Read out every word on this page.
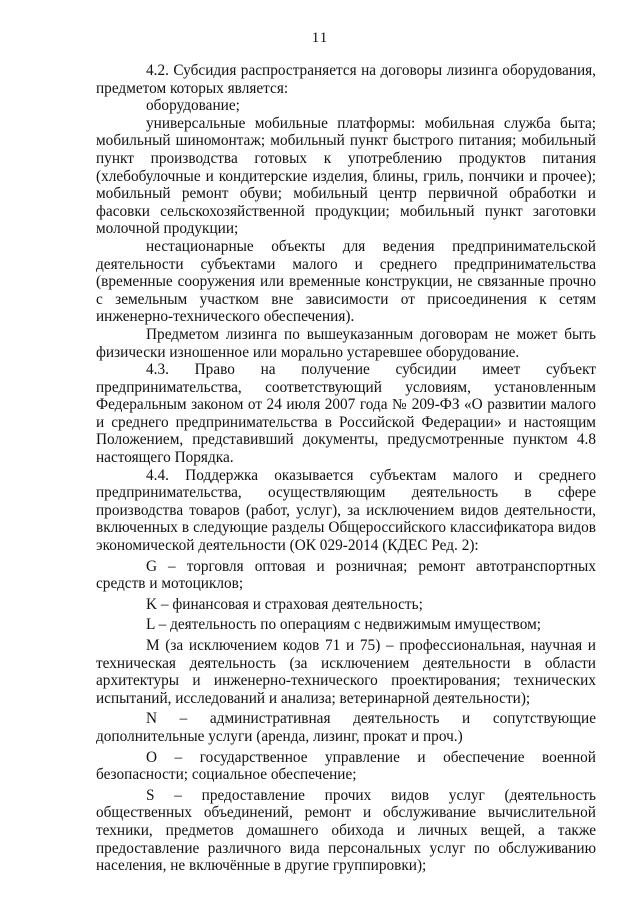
11

4.2. Субсидия распространяется на договоры лизинга оборудования, предметом которых является:

оборудование;

универсальные мобильные платформы: мобильная служба быта; мобильный шиномонтаж; мобильный пункт быстрого питания; мобильный пункт производства готовых к употреблению продуктов питания (хлебобулочные и кондитерские изделия, блины, гриль, пончики и прочее); мобильный ремонт обуви; мобильный центр первичной обработки и фасовки сельскохозяйственной продукции; мобильный пункт заготовки молочной продукции;

нестационарные объекты для ведения предпринимательской деятельности субъектами малого и среднего предпринимательства (временные сооружения или временные конструкции, не связанные прочно с земельным участком вне зависимости от присоединения к сетям инженерно-технического обеспечения).

Предметом лизинга по вышеуказанным договорам не может быть физически изношенное или морально устаревшее оборудование.

4.3. Право на получение субсидии имеет субъект предпринимательства, соответствующий условиям, установленным Федеральным законом от 24 июля 2007 года № 209-ФЗ «О развитии малого и среднего предпринимательства в Российской Федерации» и настоящим Положением, представивший документы, предусмотренные пунктом 4.8 настоящего Порядка.

4.4. Поддержка оказывается субъектам малого и среднего предпринимательства, осуществляющим деятельность в сфере производства товаров (работ, услуг), за исключением видов деятельности, включенных в следующие разделы Общероссийского классификатора видов экономической деятельности (ОК 029-2014 (КДЕС Ред. 2):

G – торговля оптовая и розничная; ремонт автотранспортных средств и мотоциклов;

K – финансовая и страховая деятельность;

L – деятельность по операциям с недвижимым имуществом;

M (за исключением кодов 71 и 75) – профессиональная, научная и техническая деятельность (за исключением деятельности в области архитектуры и инженерно-технического проектирования; технических испытаний, исследований и анализа; ветеринарной деятельности);

N – административная деятельность и сопутствующие дополнительные услуги (аренда, лизинг, прокат и проч.)

O – государственное управление и обеспечение военной безопасности; социальное обеспечение;

S – предоставление прочих видов услуг (деятельность общественных объединений, ремонт и обслуживание вычислительной техники, предметов домашнего обихода и личных вещей, а также предоставление различного вида персональных услуг по обслуживанию населения, не включённые в другие группировки);
